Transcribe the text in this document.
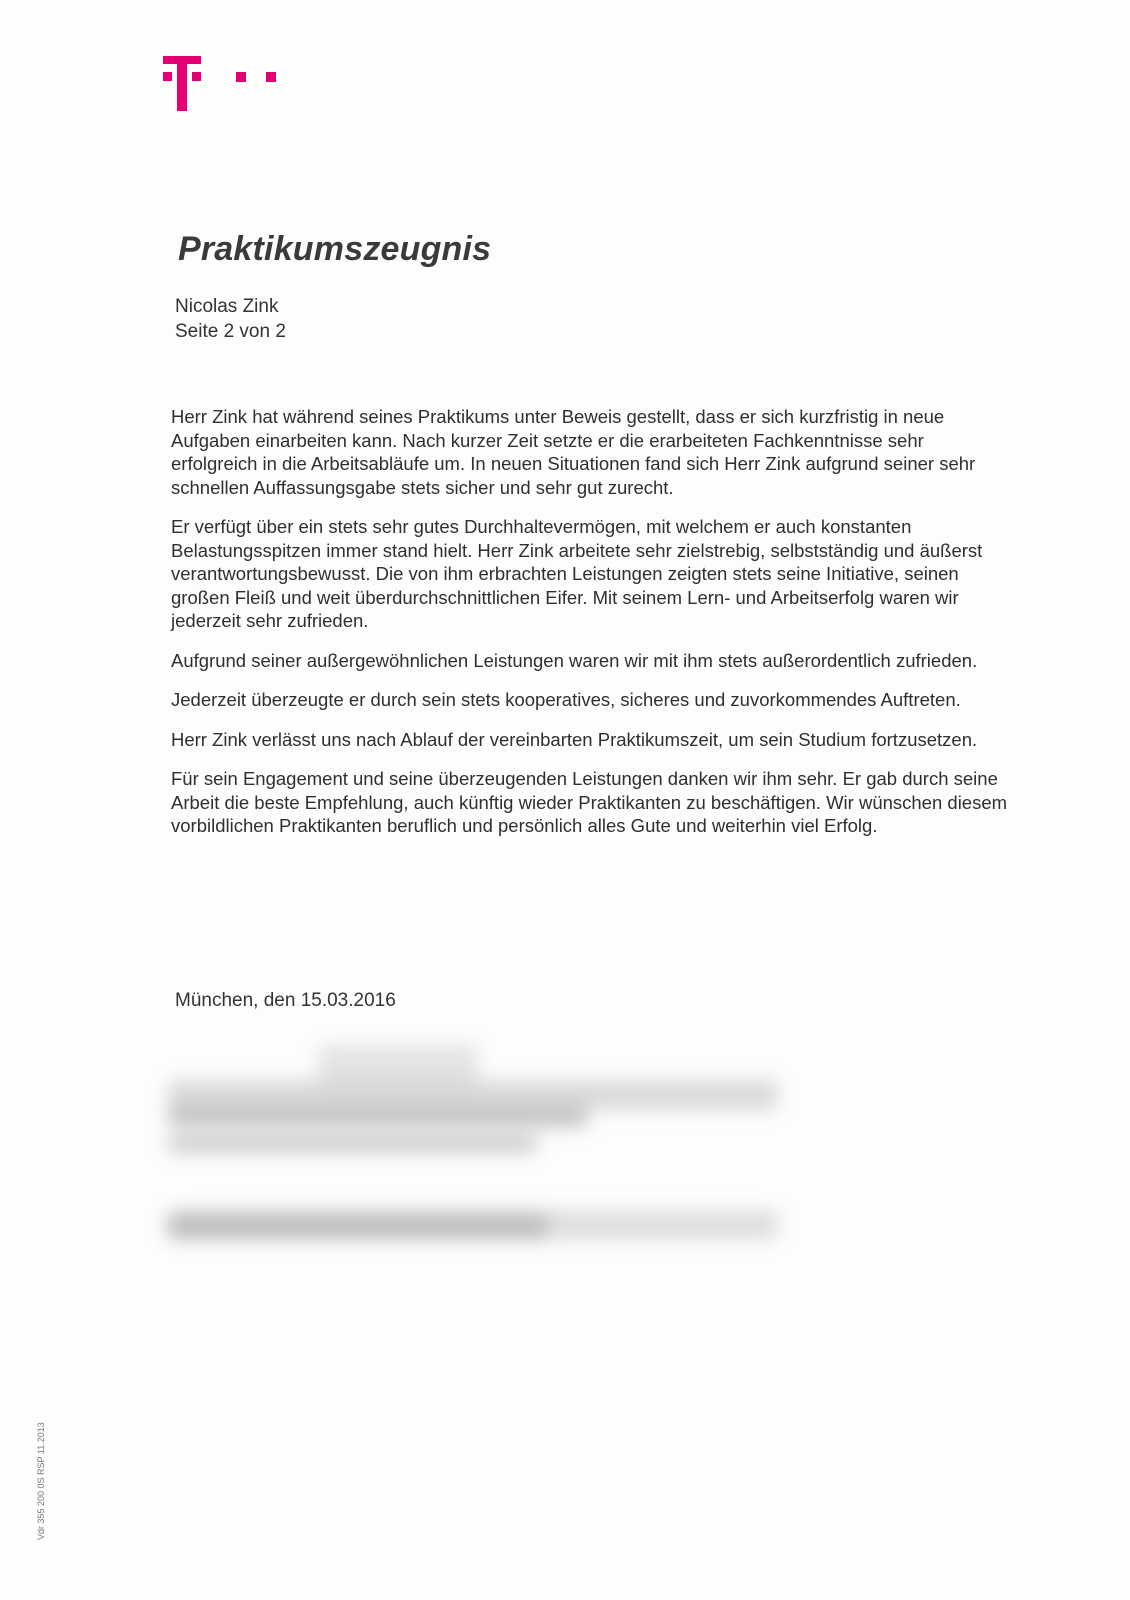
Praktikumszeugnis
Nicolas Zink
Seite 2 von 2

Herr Zink hat während seines Praktikums unter Beweis gestellt, dass er sich kurzfristig in neue Aufgaben einarbeiten kann. Nach kurzer Zeit setzte er die erarbeiteten Fachkenntnisse sehr erfolgreich in die Arbeitsabläufe um. In neuen Situationen fand sich Herr Zink aufgrund seiner sehr schnellen Auffassungsgabe stets sicher und sehr gut zurecht.

Er verfügt über ein stets sehr gutes Durchhaltevermögen, mit welchem er auch konstanten Belastungsspitzen immer stand hielt. Herr Zink arbeitete sehr zielstrebig, selbstständig und äußerst verantwortungsbewusst. Die von ihm erbrachten Leistungen zeigten stets seine Initiative, seinen großen Fleiß und weit überdurchschnittlichen Eifer. Mit seinem Lern- und Arbeitserfolg waren wir jederzeit sehr zufrieden.

Aufgrund seiner außergewöhnlichen Leistungen waren wir mit ihm stets außerordentlich zufrieden.

Jederzeit überzeugte er durch sein stets kooperatives, sicheres und zuvorkommendes Auftreten.

Herr Zink verlässt uns nach Ablauf der vereinbarten Praktikumszeit, um sein Studium fortzusetzen.

Für sein Engagement und seine überzeugenden Leistungen danken wir ihm sehr. Er gab durch seine Arbeit die beste Empfehlung, auch künftig wieder Praktikanten zu beschäftigen. Wir wünschen diesem vorbildlichen Praktikanten beruflich und persönlich alles Gute und weiterhin viel Erfolg.

München, den 15.03.2016
Vdr 355 200 0S RSP 11.2013
